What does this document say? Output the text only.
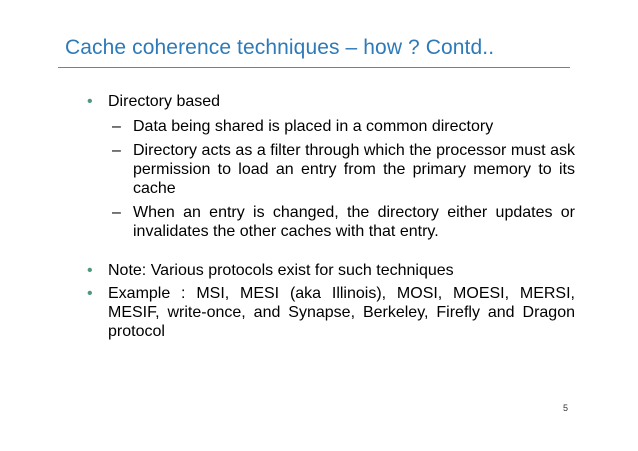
Cache coherence techniques – how ? Contd..
• Directory based
– Data being shared is placed in a common directory
– Directory acts as a filter through which the processor must ask permission to load an entry from the primary memory to its cache
– When an entry is changed, the directory either updates or invalidates the other caches with that entry.
• Note: Various protocols exist for such techniques
• Example : MSI, MESI (aka Illinois), MOSI, MOESI, MERSI, MESIF, write-once, and Synapse, Berkeley, Firefly and Dragon protocol
5
